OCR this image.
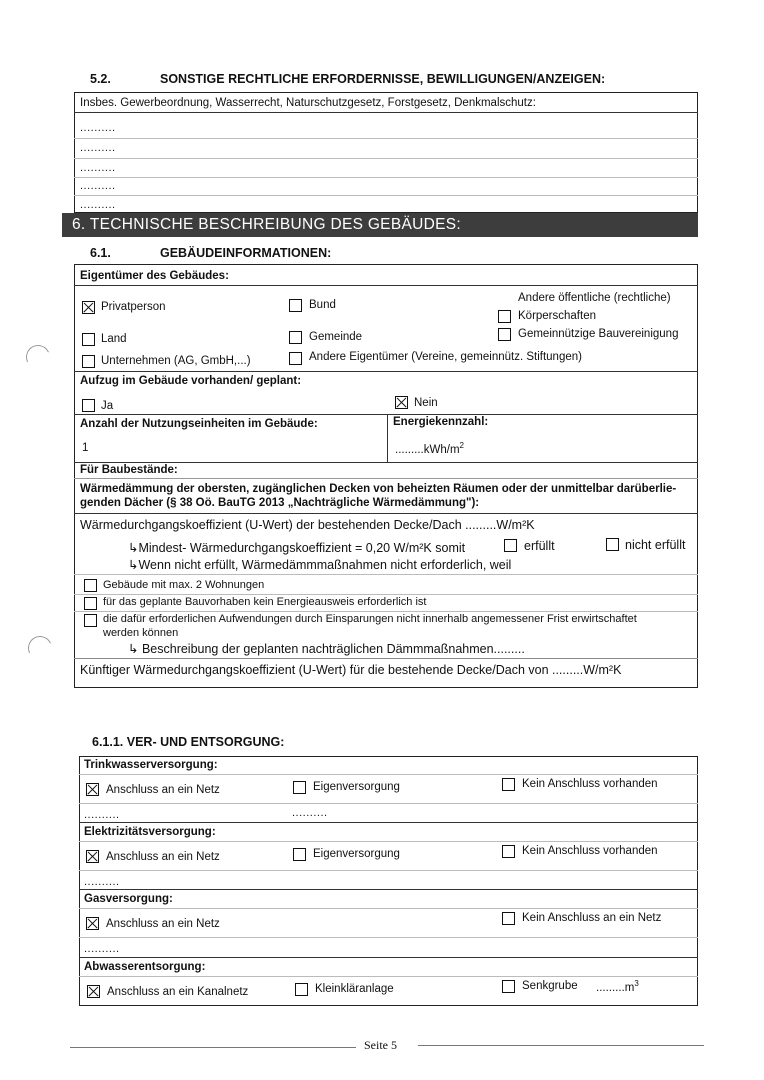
5.2.	SONSTIGE RECHTLICHE ERFORDERNISSE, BEWILLIGUNGEN/ANZEIGEN:
Insbes. Gewerbeordnung, Wasserrecht, Naturschutzgesetz, Forstgesetz, Denkmalschutz:
..........
..........
..........
..........
..........
6. TECHNISCHE BESCHREIBUNG DES GEBÄUDES:
6.1.	GEBÄUDEINFORMATIONEN:
Eigentümer des Gebäudes:
Privatperson	Bund
Andere öffentliche (rechtliche)
Körperschaften
Land	Gemeinde	Gemeinnützige Bauvereinigung
Unternehmen (AG, GmbH,...)	Andere Eigentümer (Vereine, gemeinnütz. Stiftungen)
Aufzug im Gebäude vorhanden/ geplant:
Ja	Nein
Anzahl der Nutzungseinheiten im Gebäude:	Energiekennzahl:
1	$.........kWh/m^2$
Für Baubestände:
Wärmedämmung der obersten, zugänglichen Decken von beheizten Räumen oder der unmittelbar darüberlie-
genden Dächer (§ 38 Oö. BauTG 2013 „Nachträgliche Wärmedämmung"):
Wärmedurchgangskoeffizient (U-Wert) der bestehenden Decke/Dach .........W/m²K
↳Mindest- Wärmedurchgangskoeffizient = 0,20 W/m²K somit	erfüllt	nicht erfüllt
↳Wenn nicht erfüllt, Wärmedämmmaßnahmen nicht erforderlich, weil
Gebäude mit max. 2 Wohnungen
für das geplante Bauvorhaben kein Energieausweis erforderlich ist
die dafür erforderlichen Aufwendungen durch Einsparungen nicht innerhalb angemessener Frist erwirtschaftet
werden können
↳ Beschreibung der geplanten nachträglichen Dämmmaßnahmen.........
Künftiger Wärmedurchgangskoeffizient (U-Wert) für die bestehende Decke/Dach von .........W/m²K
6.1.1. VER- UND ENTSORGUNG:
Trinkwasserversorgung:
Anschluss an ein Netz	Eigenversorgung	Kein Anschluss vorhanden
..........	..........
Elektrizitätsversorgung:
Anschluss an ein Netz	Eigenversorgung	Kein Anschluss vorhanden
..........
Gasversorgung:
Anschluss an ein Netz	Kein Anschluss an ein Netz
..........
Abwasserentsorgung:
Anschluss an ein Kanalnetz	Kleinkläranlage	Senkgrube $.........m^3$
Seite 5
